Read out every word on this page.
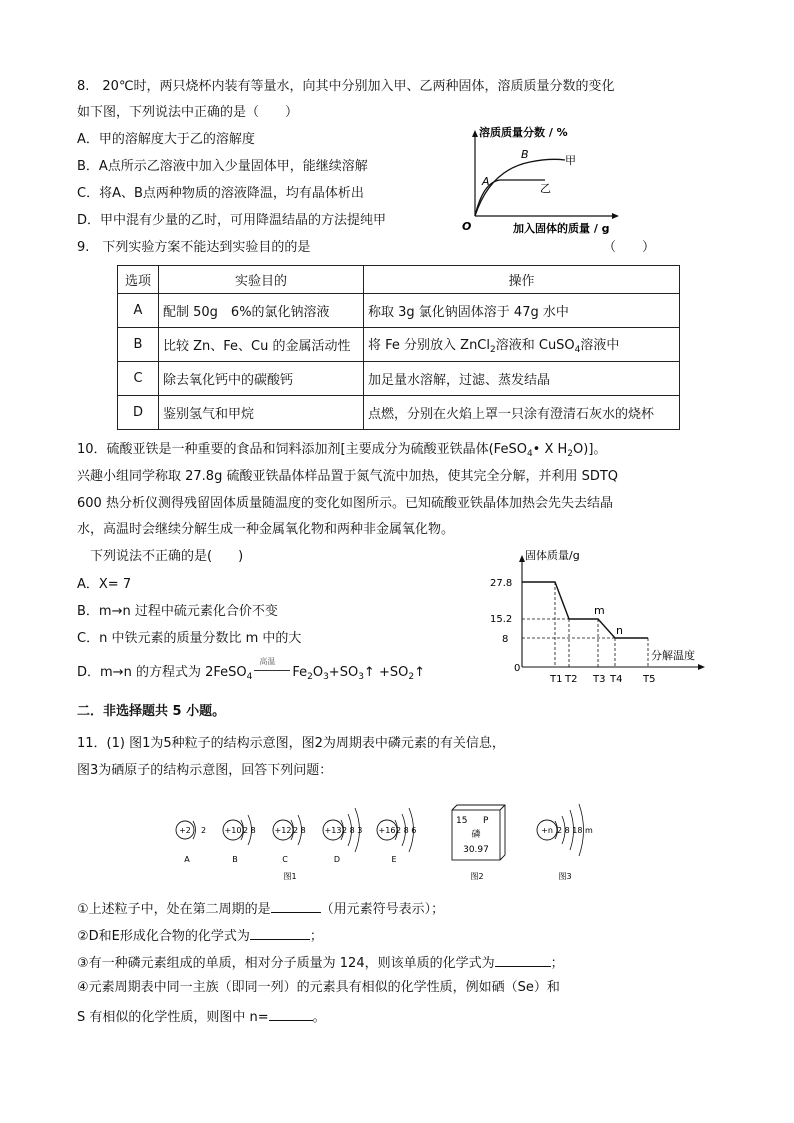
8.　20℃时，两只烧杯内装有等量水，向其中分别加入甲、乙两种固体，溶质质量分数的变化
如下图，下列说法中正确的是（　　）
A．甲的溶解度大于乙的溶解度
B．A点所示乙溶液中加入少量固体甲，能继续溶解
C．将A、B点两种物质的溶液降温，均有晶体析出
D．甲中混有少量的乙时，可用降温结晶的方法提纯甲
溶质质量分数 / %
加入固体的质量 / g
O
A
B	甲
乙
9.　下列实验方案不能达到实验目的的是	（　　）
选项	实验目的	操作
A	配制 50g　6%的氯化钠溶液	称取 3g 氯化钠固体溶于 47g 水中
B	比较 Zn、Fe、Cu 的金属活动性	将 Fe 分别放入 ZnCl$_2$溶液和 CuSO$_4$溶液中
C	除去氧化钙中的碳酸钙	加足量水溶解，过滤、蒸发结晶
D	鉴别氢气和甲烷	点燃，分别在火焰上罩一只涂有澄清石灰水的烧杯
10．硫酸亚铁是一种重要的食品和饲料添加剂[主要成分为硫酸亚铁晶体(FeSO$_4$• X $H_2O$)]。
兴趣小组同学称取 27.8g 硫酸亚铁晶体样品置于氮气流中加热，使其完全分解，并利用 SDTQ
600 热分析仪测得残留固体质量随温度的变化如图所示。已知硫酸亚铁晶体加热会先失去结晶
水，高温时会继续分解生成一种金属氧化物和两种非金属氧化物。
下列说法不正确的是(　　)
A．X= 7
B．m→n 过程中硫元素化合价不变
C．n 中铁元素的质量分数比 m 中的大
D．m→n 的方程式为 2FeSO$_4$
高温
$Fe_2O_3+SO_3↑$ $+SO_2↑$
固体质量/g
分解温度
0
27.8
15.2
8
m
n
T1 T2 T3 T4 T5
二．非选择题共 5 小题。
11．(1) 图1为5种粒子的结构示意图，图2为周期表中磷元素的有关信息，
图3为硒原子的结构示意图，回答下列问题：
+2 2
A
+10 2 8
B
+12 2 8
C
+13 2 8 3
D
+16 2 8 6
E
图1
15 P
磷
30.97
图2
+n 2 8 18 m
图3
①上述粒子中，处在第二周期的是	（用元素符号表示）；
②D和E形成化合物的化学式为	；
③有一种磷元素组成的单质，相对分子质量为 124，则该单质的化学式为	；
④元素周期表中同一主族（即同一列）的元素具有相似的化学性质，例如硒（Se）和
S 有相似的化学性质，则图中 n=	。
